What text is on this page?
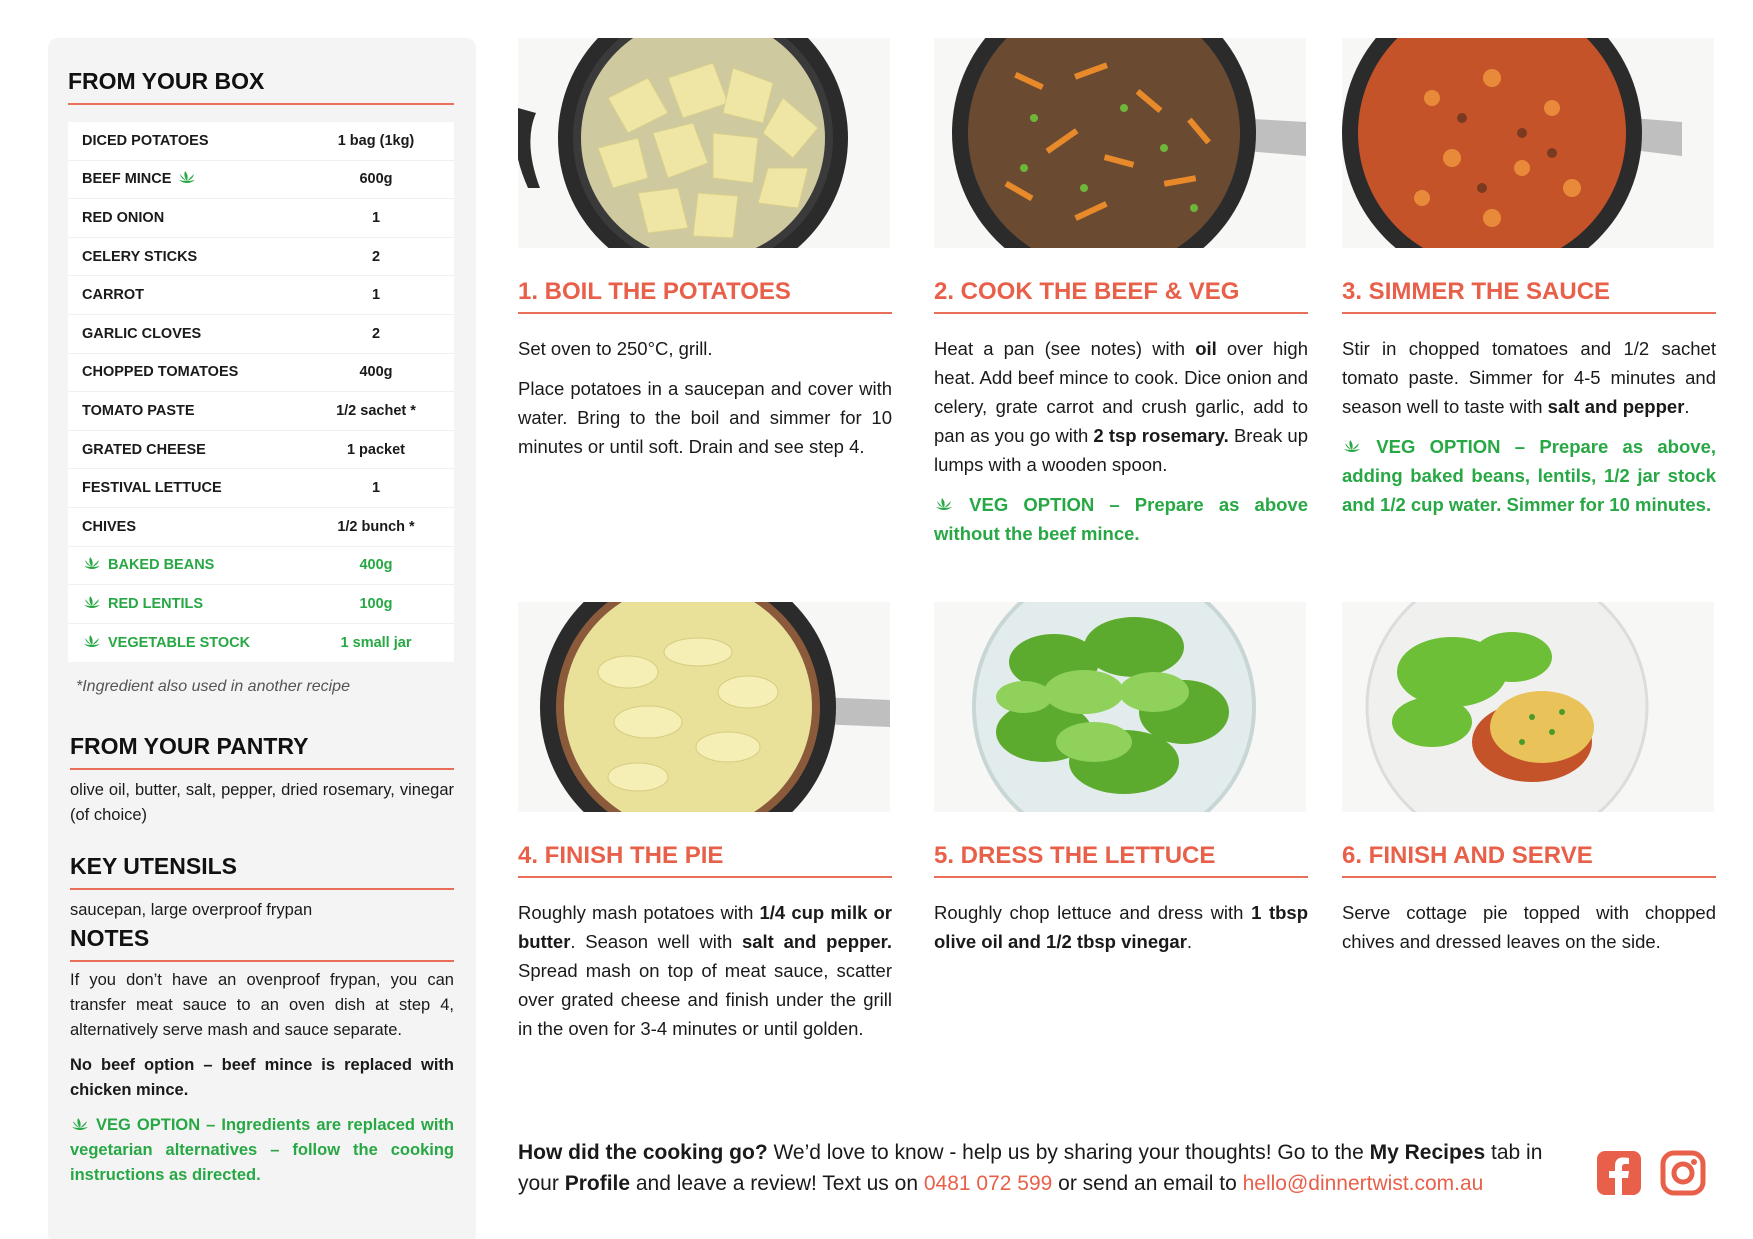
FROM YOUR BOX
DICED POTATOES	1 bag (1kg)
BEEF MINCE	600g
RED ONION	1
CELERY STICKS	2
CARROT	1
GARLIC CLOVES	2
CHOPPED TOMATOES	400g
TOMATO PASTE	1/2 sachet *
GRATED CHEESE	1 packet
FESTIVAL LETTUCE	1
CHIVES	1/2 bunch *
BAKED BEANS	400g
RED LENTILS	100g
VEGETABLE STOCK	1 small jar
*Ingredient also used in another recipe
FROM YOUR PANTRY
olive oil, butter, salt, pepper, dried rosemary, vinegar (of choice)
KEY UTENSILS
saucepan, large overproof frypan
NOTES
If you don’t have an ovenproof frypan, you can transfer meat sauce to an oven dish at step 4, alternatively serve mash and sauce separate.
No beef option – beef mince is replaced with chicken mince.
VEG OPTION – Ingredients are replaced with vegetarian alternatives – follow the cooking instructions as directed.
1. BOIL THE POTATOES

Set oven to 250°C, grill.

Place potatoes in a saucepan and cover with water. Bring to the boil and simmer for 10 minutes or until soft. Drain and see step 4.

2. COOK THE BEEF & VEG

Heat a pan (see notes) with oil over high heat. Add beef mince to cook. Dice onion and celery, grate carrot and crush garlic, add to pan as you go with 2 tsp rosemary. Break up lumps with a wooden spoon.

VEG OPTION – Prepare as above without the beef mince.

3. SIMMER THE SAUCE

Stir in chopped tomatoes and 1/2 sachet tomato paste. Simmer for 4-5 minutes and season well to taste with salt and pepper.

VEG OPTION – Prepare as above, adding baked beans, lentils, 1/2 jar stock and 1/2 cup water. Simmer for 10 minutes.

4. FINISH THE PIE

Roughly mash potatoes with 1/4 cup milk or butter. Season well with salt and pepper. Spread mash on top of meat sauce, scatter over grated cheese and finish under the grill in the oven for 3-4 minutes or until golden.

5. DRESS THE LETTUCE

Roughly chop lettuce and dress with 1 tbsp olive oil and 1/2 tbsp vinegar.

6. FINISH AND SERVE

Serve cottage pie topped with chopped chives and dressed leaves on the side.

How did the cooking go? We’d love to know - help us by sharing your thoughts! Go to the My Recipes tab in your Profile and leave a review! Text us on 0481 072 599 or send an email to hello@dinnertwist.com.au
